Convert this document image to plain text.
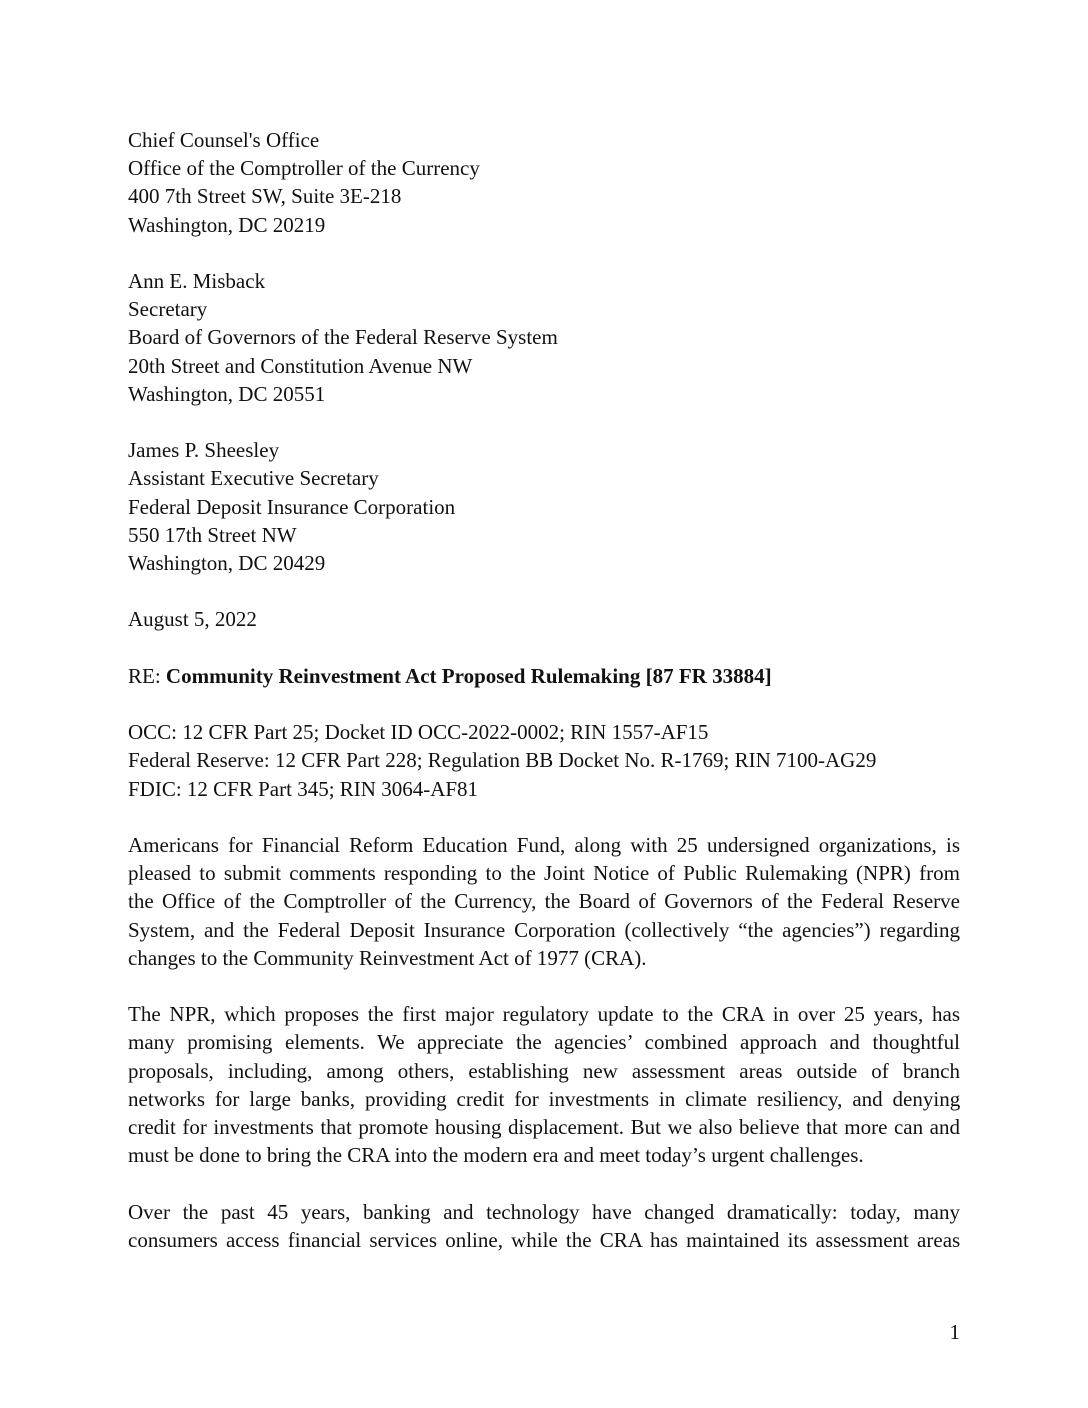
Chief Counsel's Office
Office of the Comptroller of the Currency
400 7th Street SW, Suite 3E-218
Washington, DC 20219
Ann E. Misback
Secretary
Board of Governors of the Federal Reserve System
20th Street and Constitution Avenue NW
Washington, DC 20551
James P. Sheesley
Assistant Executive Secretary
Federal Deposit Insurance Corporation
550 17th Street NW
Washington, DC 20429
August 5, 2022
RE: Community Reinvestment Act Proposed Rulemaking [87 FR 33884]
OCC: 12 CFR Part 25; Docket ID OCC-2022-0002; RIN 1557-AF15
Federal Reserve: 12 CFR Part 228; Regulation BB Docket No. R-1769; RIN 7100-AG29
FDIC: 12 CFR Part 345; RIN 3064-AF81
Americans for Financial Reform Education Fund, along with 25 undersigned organizations, is
pleased to submit comments responding to the Joint Notice of Public Rulemaking (NPR) from
the Office of the Comptroller of the Currency, the Board of Governors of the Federal Reserve
System, and the Federal Deposit Insurance Corporation (collectively “the agencies”) regarding
changes to the Community Reinvestment Act of 1977 (CRA).
The NPR, which proposes the first major regulatory update to the CRA in over 25 years, has
many promising elements. We appreciate the agencies’ combined approach and thoughtful
proposals, including, among others, establishing new assessment areas outside of branch
networks for large banks, providing credit for investments in climate resiliency, and denying
credit for investments that promote housing displacement. But we also believe that more can and
must be done to bring the CRA into the modern era and meet today’s urgent challenges.
Over the past 45 years, banking and technology have changed dramatically: today, many
consumers access financial services online, while the CRA has maintained its assessment areas
1
